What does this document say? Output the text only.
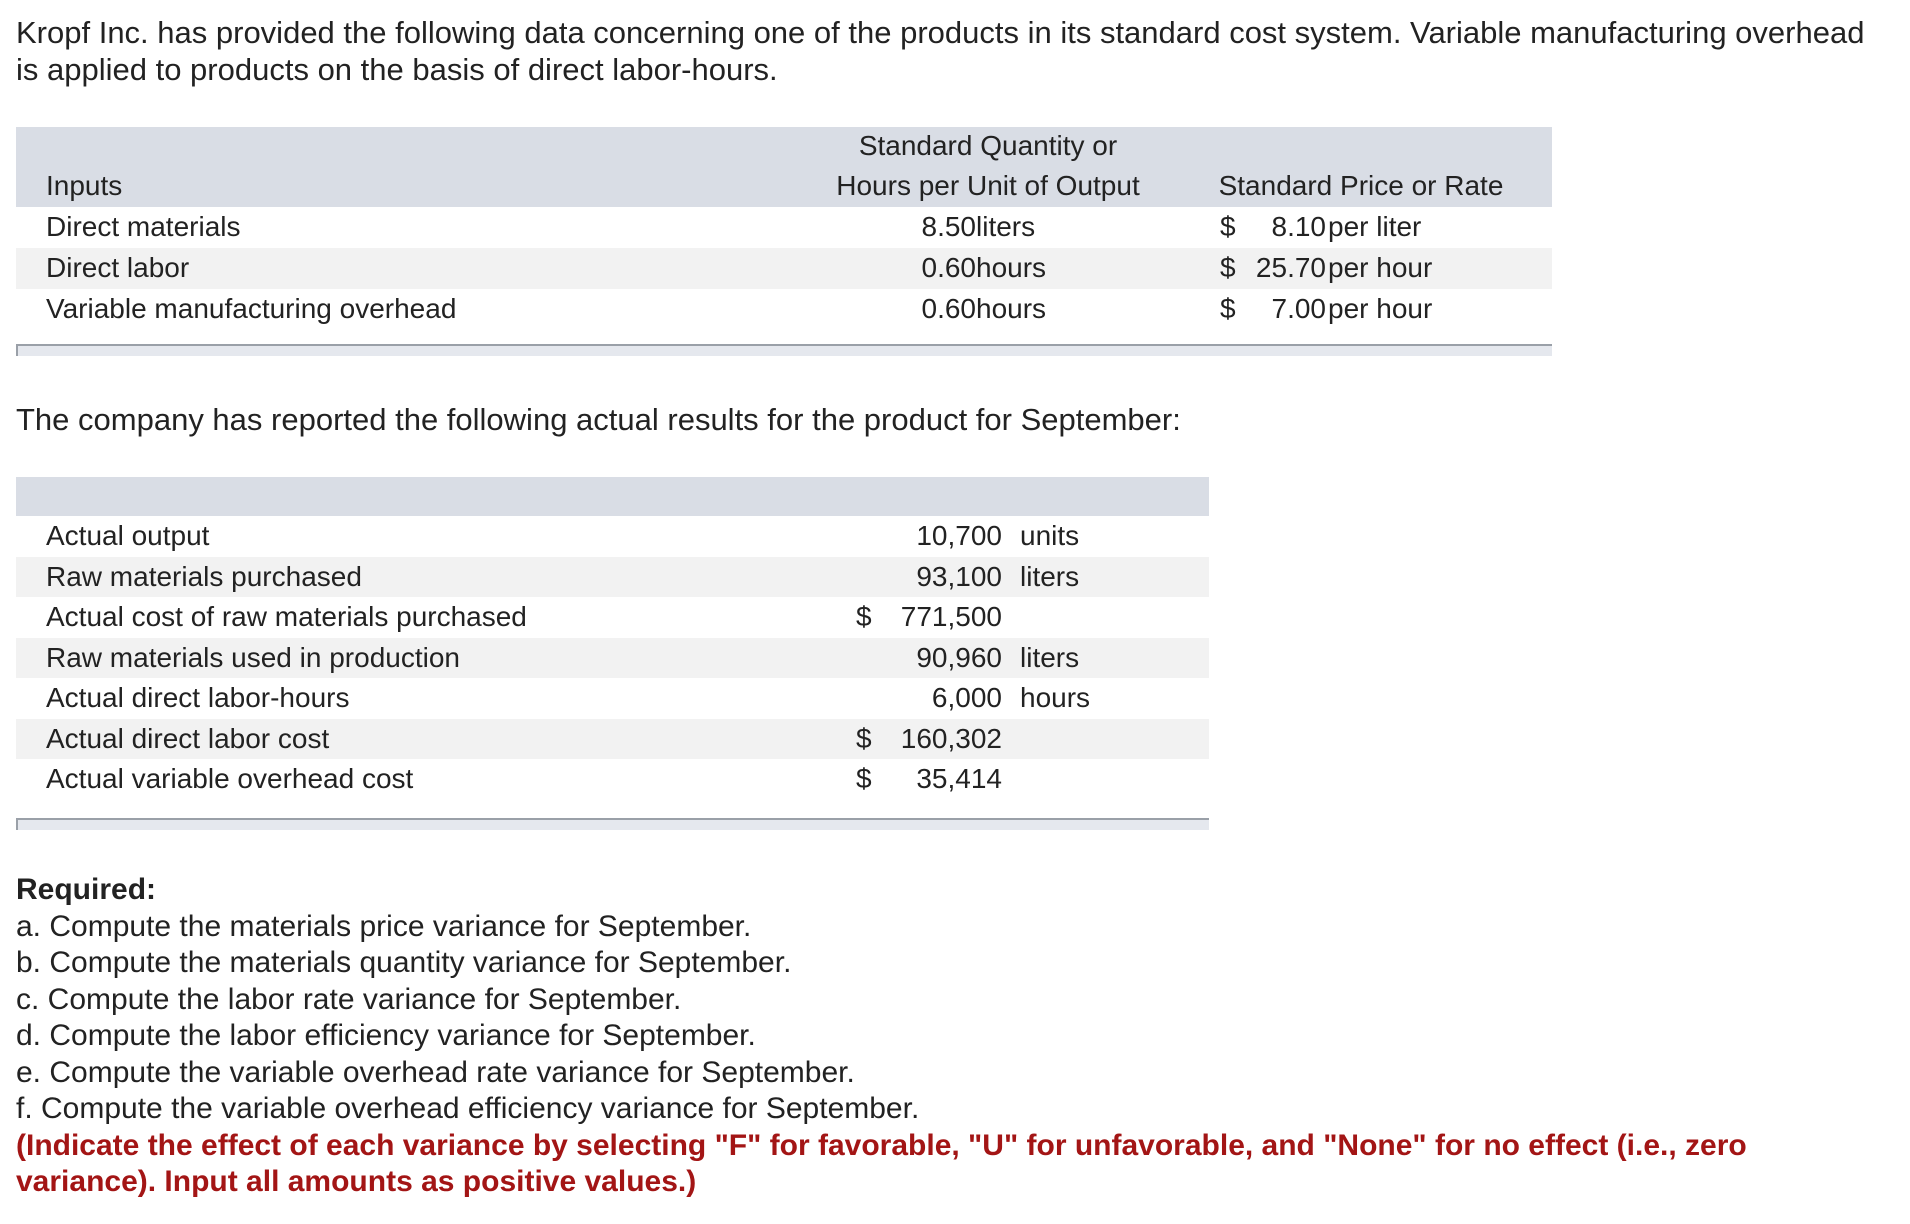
Kropf Inc. has provided the following data concerning one of the products in its standard cost system. Variable manufacturing overhead is applied to products on the basis of direct labor-hours.
Inputs
Standard Quantity or
Hours per Unit of Output	Standard Price or Rate
Direct materials	8.50 liters	$	8.10 per liter
Direct labor	0.60 hours	$ 25.70 per hour
Variable manufacturing overhead	0.60 hours	$	7.00 per hour
The company has reported the following actual results for the product for September:
Actual output	10,700 units
Raw materials purchased	93,100 liters
Actual cost of raw materials purchased	$	771,500
Raw materials used in production	90,960 liters
Actual direct labor-hours	6,000 hours
Actual direct labor cost	$	160,302
Actual variable overhead cost	$	35,414
Required:
a. Compute the materials price variance for September.
b. Compute the materials quantity variance for September.
c. Compute the labor rate variance for September.
d. Compute the labor efficiency variance for September.
e. Compute the variable overhead rate variance for September.
f. Compute the variable overhead efficiency variance for September.
(Indicate the effect of each variance by selecting "F" for favorable, "U" for unfavorable, and "None" for no effect (i.e., zero variance). Input all amounts as positive values.)
